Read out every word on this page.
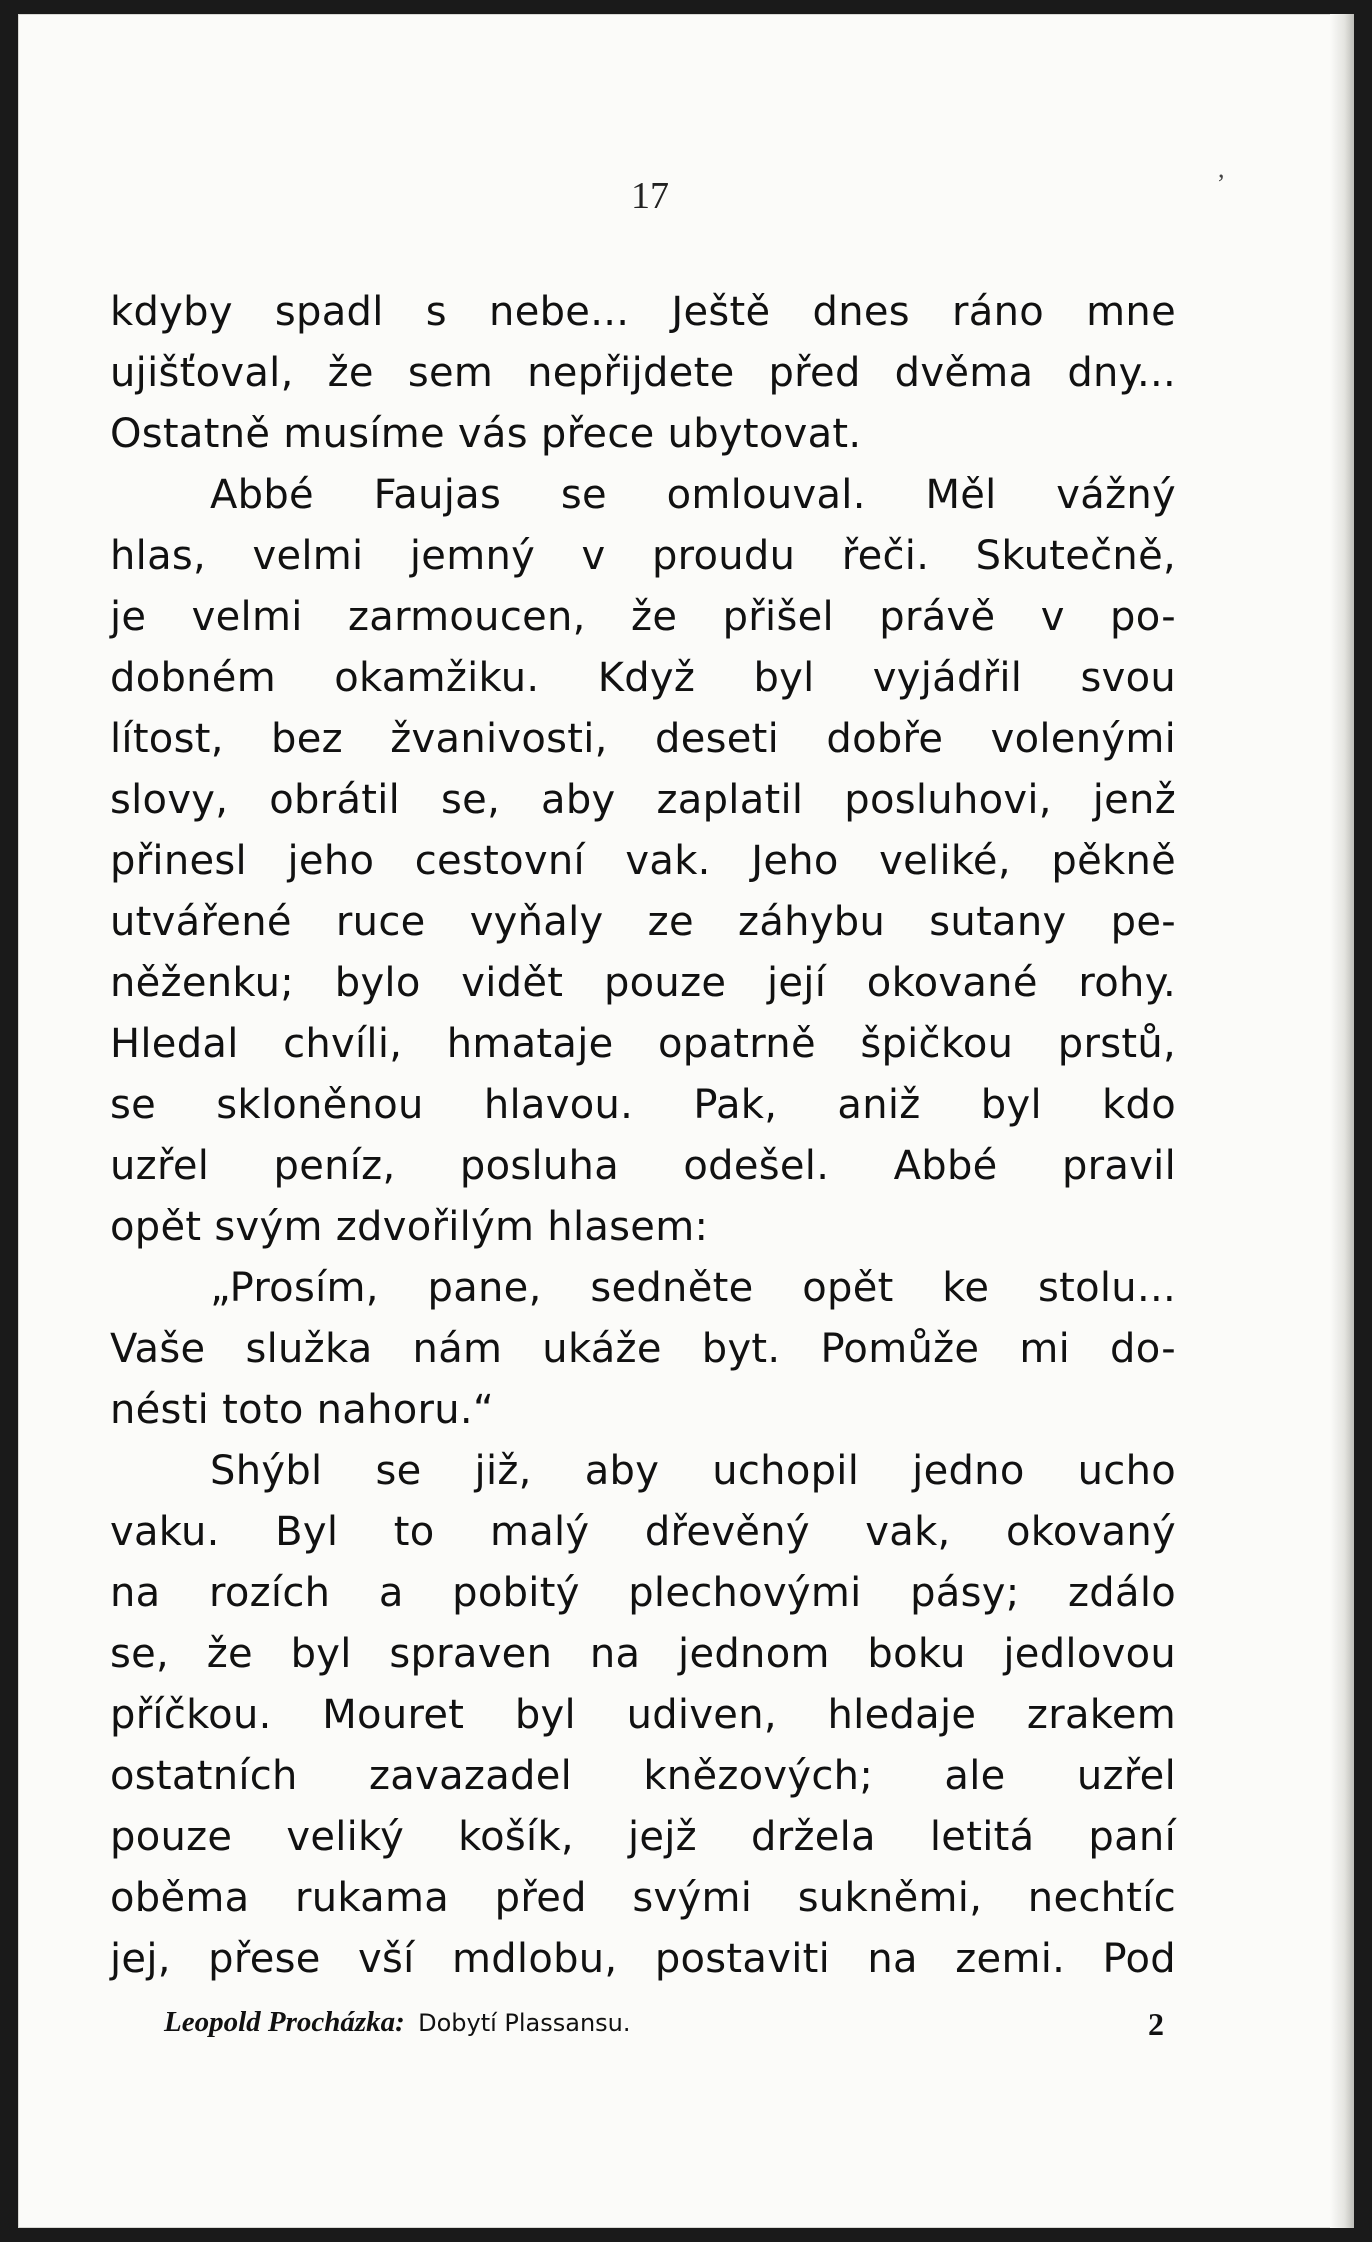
,
17
kdyby spadl s nebe... Ještě dnes ráno mne
ujišťoval, že sem nepřijdete před dvěma dny...
Ostatně musíme vás přece ubytovat.
Abbé Faujas se omlouval. Měl vážný
hlas, velmi jemný v proudu řeči. Skutečně,
je velmi zarmoucen, že přišel právě v po-
dobném okamžiku. Když byl vyjádřil svou
lítost, bez žvanivosti, deseti dobře volenými
slovy, obrátil se, aby zaplatil posluhovi, jenž
přinesl jeho cestovní vak. Jeho veliké, pěkně
utvářené ruce vyňaly ze záhybu sutany pe-
něženku; bylo vidět pouze její okované rohy.
Hledal chvíli, hmataje opatrně špičkou prstů,
se skloněnou hlavou. Pak, aniž byl kdo
uzřel peníz, posluha odešel. Abbé pravil
opět svým zdvořilým hlasem:
„Prosím, pane, sedněte opět ke stolu...
Vaše služka nám ukáže byt. Pomůže mi do-
nésti toto nahoru.“
Shýbl se již, aby uchopil jedno ucho
vaku. Byl to malý dřevěný vak, okovaný
na rozích a pobitý plechovými pásy; zdálo
se, že byl spraven na jednom boku jedlovou
příčkou. Mouret byl udiven, hledaje zrakem
ostatních zavazadel knězových; ale uzřel
pouze veliký košík, jejž držela letitá paní
oběma rukama před svými sukněmi, nechtíc
jej, přese vší mdlobu, postaviti na zemi. Pod
Leopold Procházka: Dobytí Plassansu.	2
